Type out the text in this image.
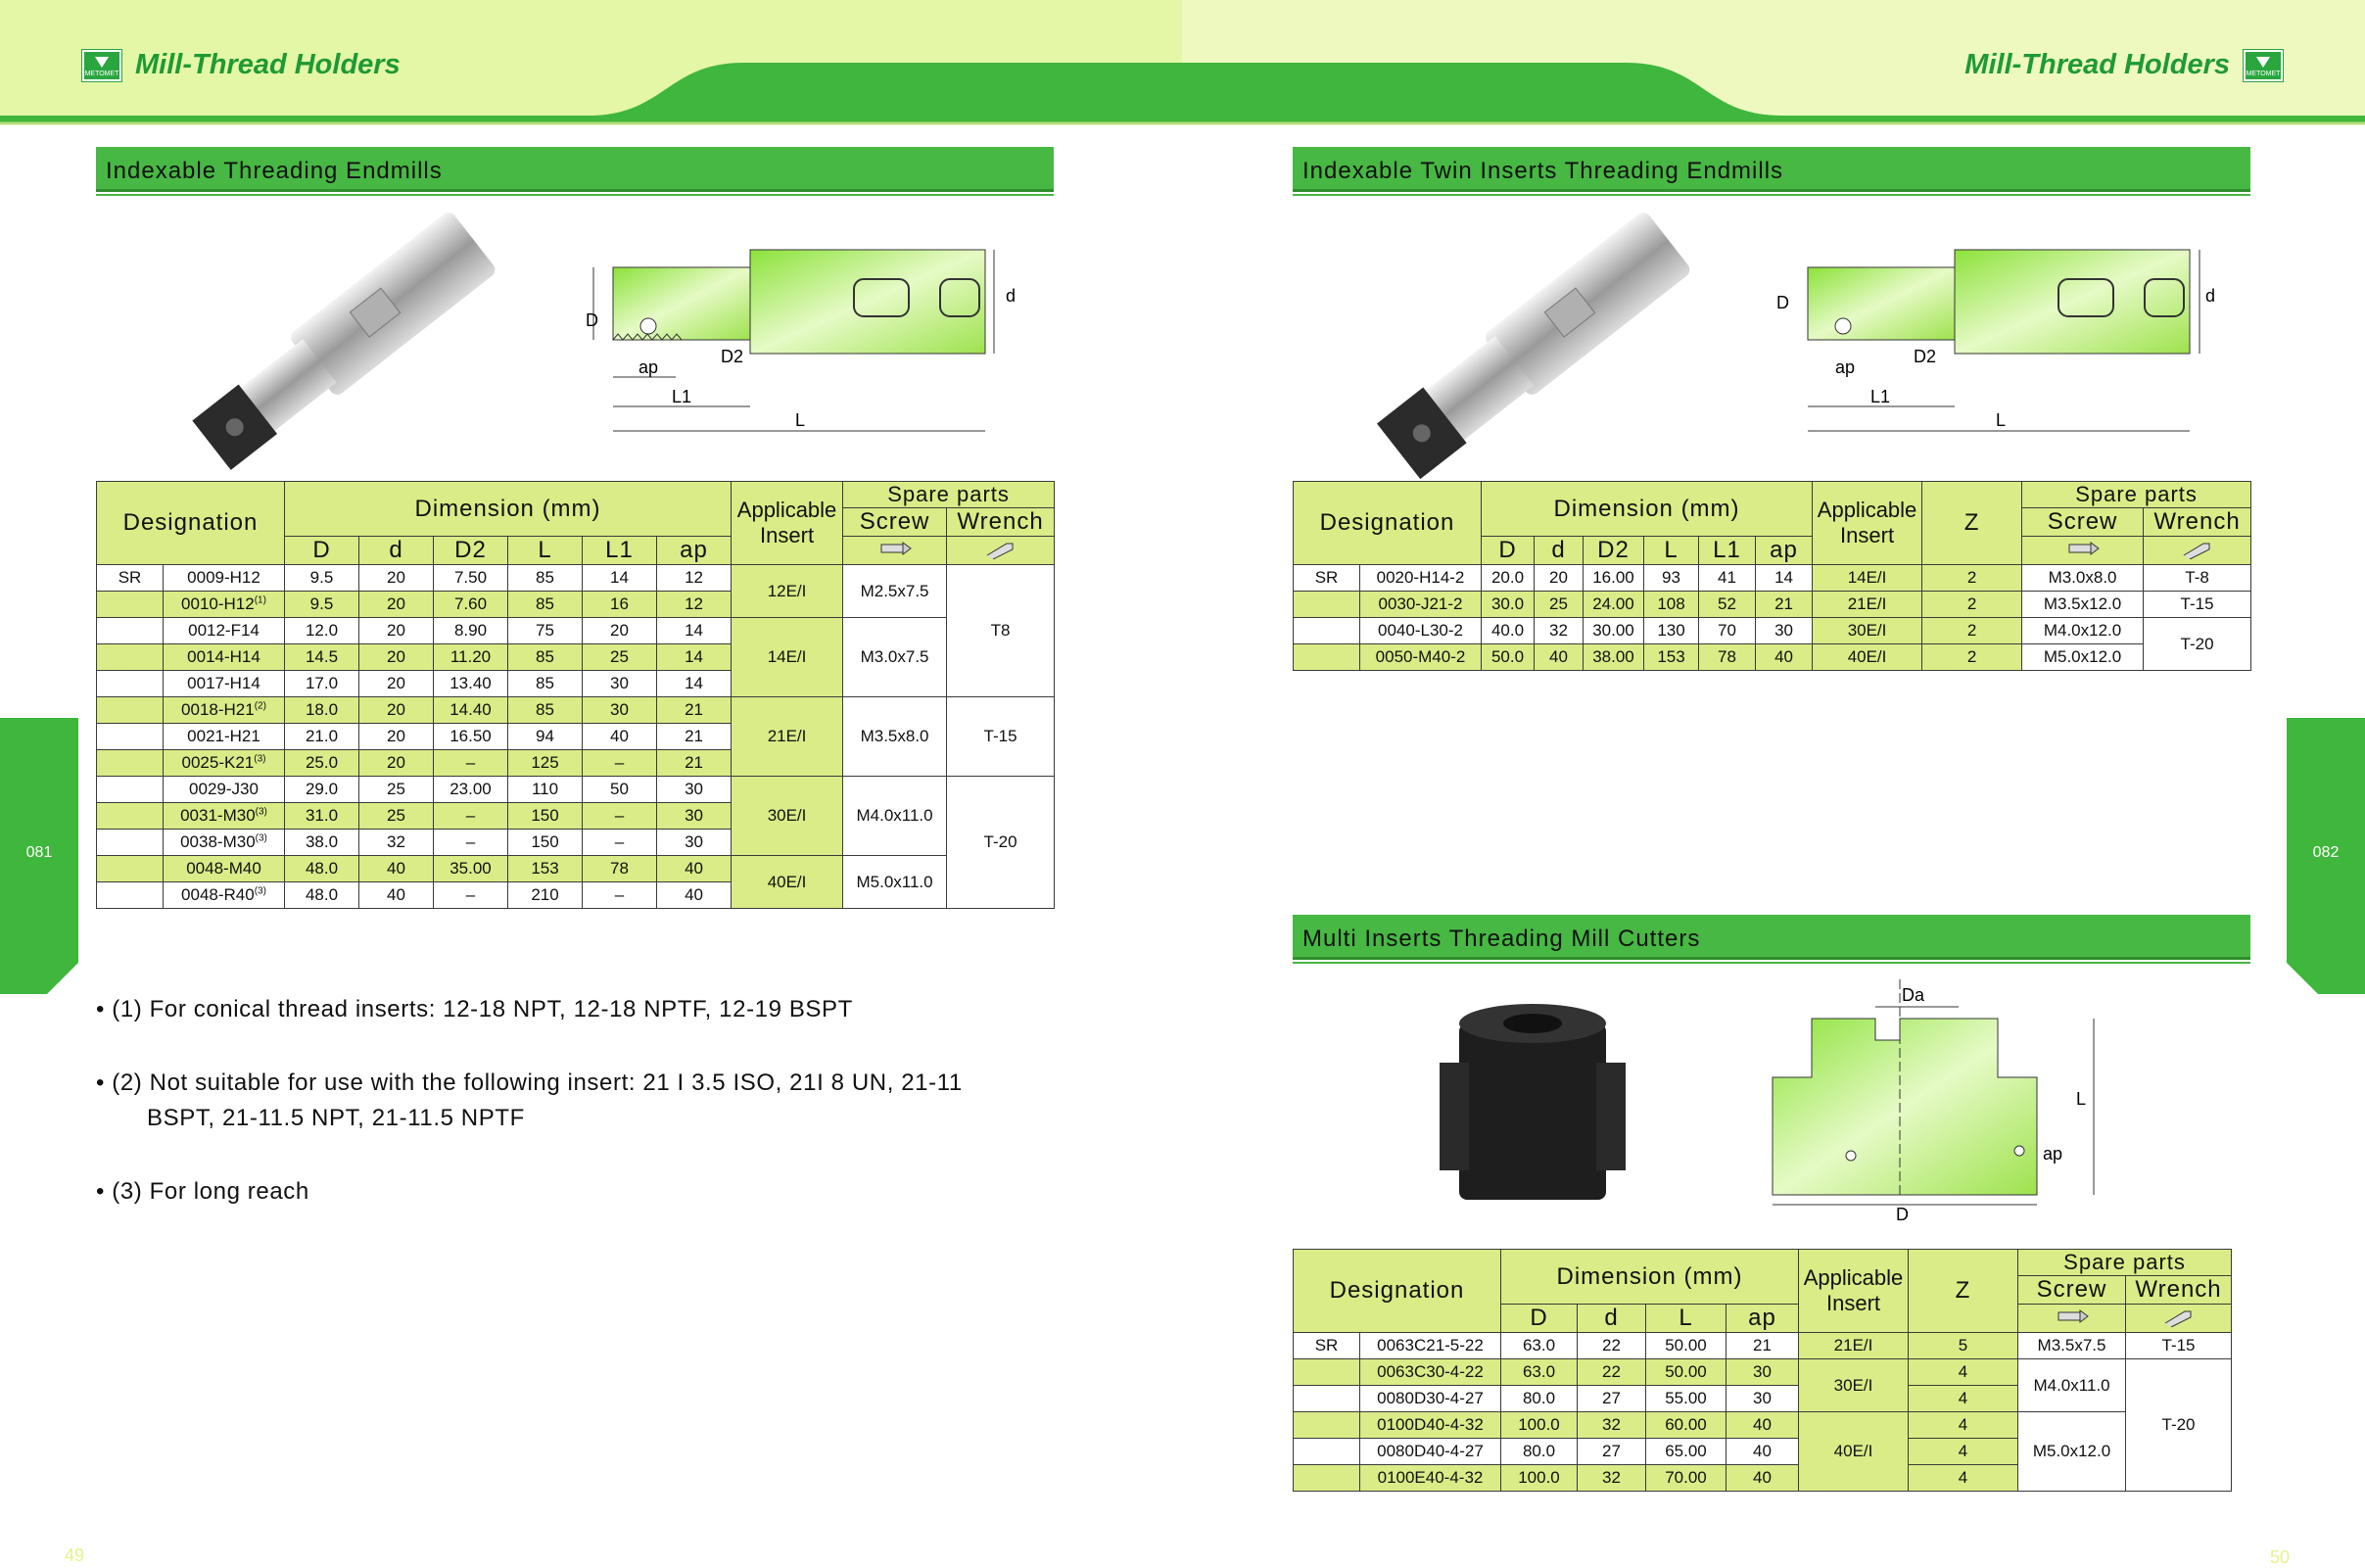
METOMET Mill-Thread Holders	Mill-Thread Holders METOMET
Indexable Threading Endmills	Indexable Twin Inserts Threading Endmills
Multi Inserts Threading Mill Cutters
D
d
D2
ap
L1
L
D	d
D2
ap
L1
L
Da
L
ap
D
Designation		Dimension (mm)						Applicable Insert	Spare parts	
									Screw	Wrench
		D	d	D2	L	L1	ap		
SR	0009-H12	9.5	20	7.50	85	14	12	12E/I	M2.5x7.5	T8
	0010-H12$^{(1)}$	9.5	20	7.60	85	16	12			
	0012-F14	12.0	20	8.90	75	20	14	14E/I	M3.0x7.5	
	0014-H14	14.5	20	11.20	85	25	14			
	0017-H14	17.0	20	13.40	85	30	14			
	0018-H21$^{(2)}$	18.0	20	14.40	85	30	21	21E/I	M3.5x8.0	T-15
	0021-H21	21.0	20	16.50	94	40	21			
	0025-K21$^{(3)}$	25.0	20	–	125	–	21			
	0029-J30	29.0	25	23.00	110	50	30	30E/I	M4.0x11.0	T-20
	0031-M30$^{(3)}$	31.0	25	–	150	–	30			
	0038-M30$^{(3)}$	38.0	32	–	150	–	30			
	0048-M40	48.0	40	35.00	153	78	40	40E/I	M5.0x11.0	
	0048-R40$^{(3)}$	48.0	40	–	210	–	40			
• (1) For conical thread inserts: 12-18 NPT, 12-18 NPTF, 12-19 BSPT
• (2) Not suitable for use with the following insert: 21 I 3.5 ISO, 21I 8 UN, 21-11
BSPT, 21-11.5 NPT, 21-11.5 NPTF
• (3) For long reach
Designation		Dimension (mm)						Applicable Insert	Z	Spare parts	
										Screw	Wrench
		D	d	D2	L	L1	ap		
SR	0020-H14-2	20.0	20	16.00	93	41	14	14E/I	2	M3.0x8.0	T-8
	0030-J21-2	30.0	25	24.00	108	52	21	21E/I	2	M3.5x12.0	T-15
	0040-L30-2	40.0	32	30.00	130	70	30	30E/I	2	M4.0x12.0	T-20
	0050-M40-2	50.0	40	38.00	153	78	40	40E/I	2	M5.0x12.0	
Designation		Dimension (mm)				Applicable Insert	Z	Spare parts	
								Screw	Wrench
		D	d	L	ap		
SR	0063C21-5-22	63.0	22	50.00	21	21E/I	5	M3.5x7.5	T-15
	0063C30-4-22	63.0	22	50.00	30	30E/I	4	M4.0x11.0	T-20
	0080D30-4-27	80.0	27	55.00	30		4		
	0100D40-4-32	100.0	32	60.00	40	40E/I	4	M5.0x12.0	
	0080D40-4-27	80.0	27	65.00	40		4		
	0100E40-4-32	100.0	32	70.00	40		4		
081	082
49	50
